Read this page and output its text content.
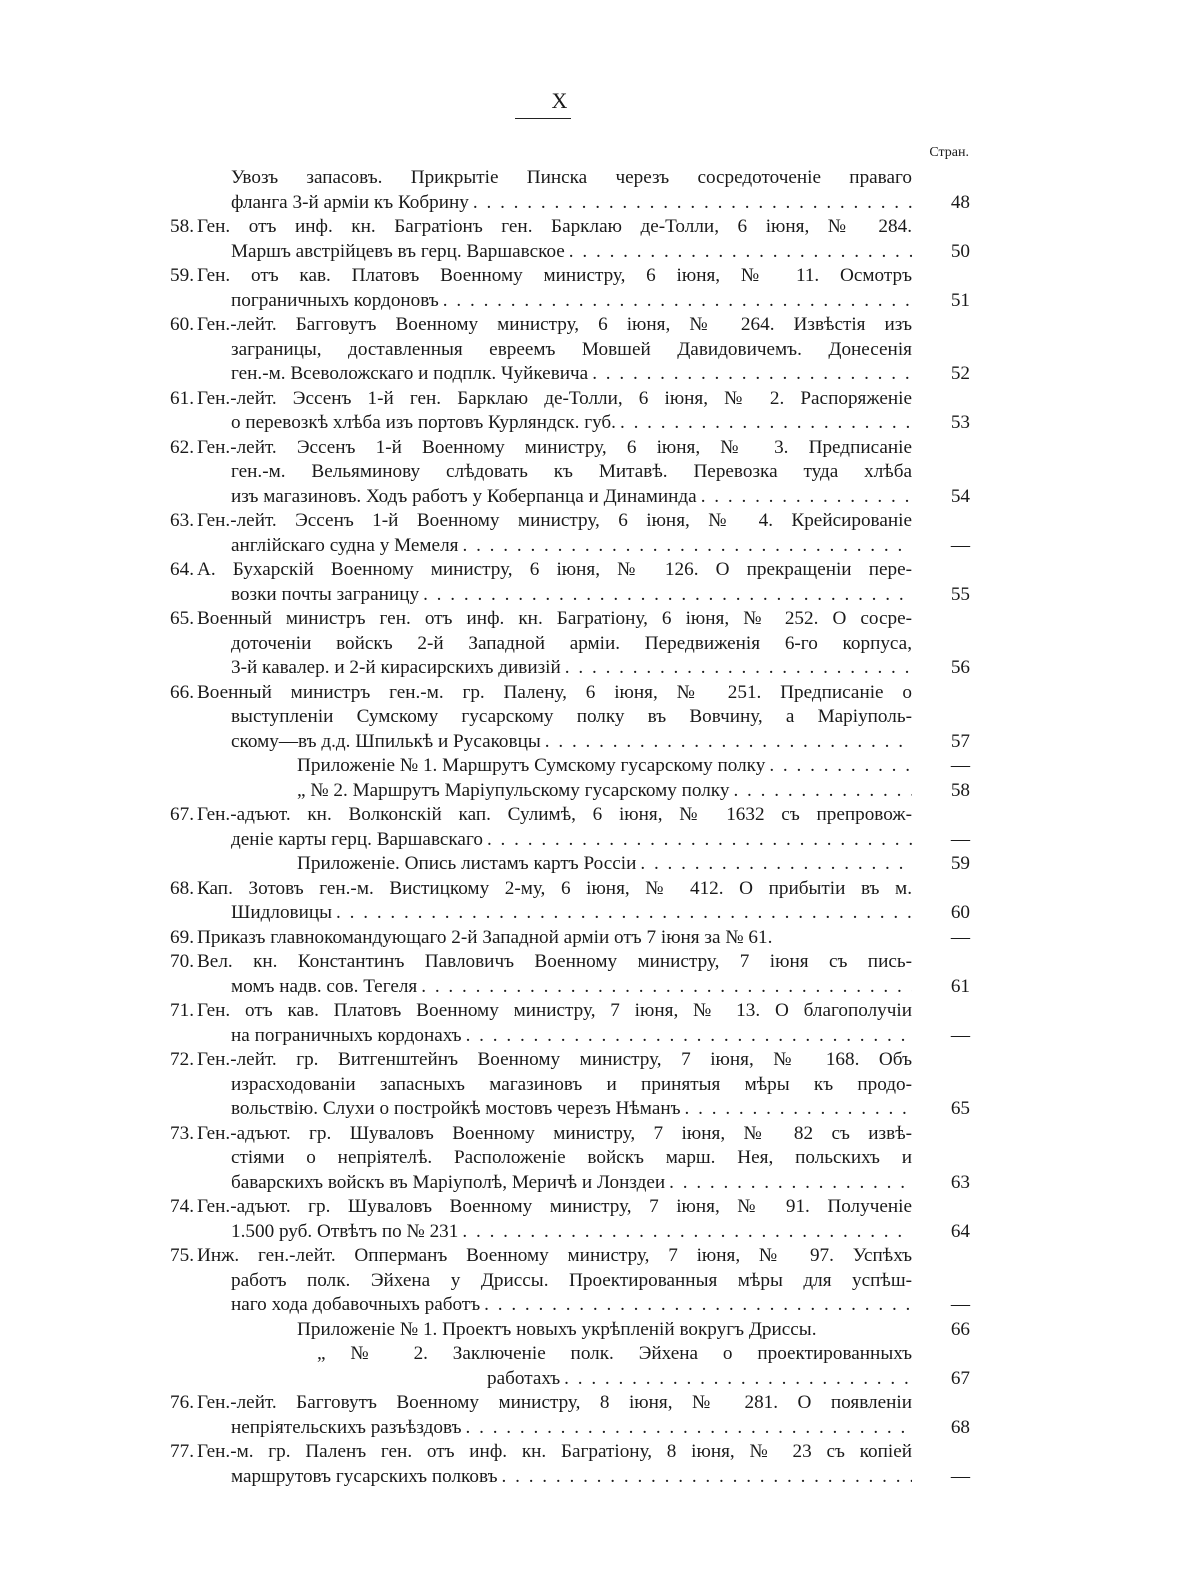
X
Стран.
Увозъ запасовъ. Прикрытіе Пинска черезъ сосредоточеніе праваго
фланга 3-й арміи къ Кобрину . . .	48
58. Ген. отъ инф. кн. Багратіонъ ген. Барклаю де-Толли, 6 іюня, № 284.
Маршъ австрійцевъ въ герц. Варшавское . . .	50
59. Ген. отъ кав. Платовъ Военному министру, 6 іюня, № 11. Осмотръ
пограничныхъ кордоновъ . . .	51
60. Ген.-лейт. Багговутъ Военному министру, 6 іюня, № 264. Извѣстія изъ
заграницы, доставленныя евреемъ Мовшей Давидовичемъ. Донесенія
ген.-м. Всеволожскаго и подплк. Чуйкевича . . .	52
61. Ген.-лейт. Эссенъ 1-й ген. Барклаю де-Толли, 6 іюня, № 2. Распоряженіе
о перевозкѣ хлѣба изъ портовъ Курляндск. губ. . . .	53
62. Ген.-лейт. Эссенъ 1-й Военному министру, 6 іюня, № 3. Предписаніе
ген.-м. Вельяминову слѣдовать къ Митавѣ. Перевозка туда хлѣба
изъ магазиновъ. Ходъ работъ у Коберпанца и Динаминда . . .	54
63. Ген.-лейт. Эссенъ 1-й Военному министру, 6 іюня, № 4. Крейсированіе
англійскаго судна у Мемеля . . .	—
64. А. Бухарскій Военному министру, 6 іюня, № 126. О прекращеніи пере-
возки почты заграницу . . .	55
65. Военный министръ ген. отъ инф. кн. Багратіону, 6 іюня, № 252. О сосре-
доточеніи войскъ 2-й Западной арміи. Передвиженія 6-го корпуса,
3-й кавалер. и 2-й кирасирскихъ дивизій . . .	56
66. Военный министръ ген.-м. гр. Палену, 6 іюня, № 251. Предписаніе о
выступленіи Сумскому гусарскому полку въ Вовчину, а Маріуполь-
скому—въ д.д. Шпилькѣ и Русаковцы . . .	57
Приложеніе № 1. Маршрутъ Сумскому гусарскому полку . . .	—
„ № 2. Маршрутъ Маріупульскому гусарскому полку . . .	58
67. Ген.-адъют. кн. Волконскій кап. Сулимѣ, 6 іюня, № 1632 съ препровож-
деніе карты герц. Варшавскаго . . .	—
Приложеніе. Опись листамъ картъ Россіи . . .	59
68. Кап. Зотовъ ген.-м. Вистицкому 2-му, 6 іюня, № 412. О прибытіи въ м.
Шидловицы . . .	60
69. Приказъ главнокомандующаго 2-й Западной арміи отъ 7 іюня за № 61.	—
70. Вел. кн. Константинъ Павловичъ Военному министру, 7 іюня съ пись-
момъ надв. сов. Тегеля . . .	61
71. Ген. отъ кав. Платовъ Военному министру, 7 іюня, № 13. О благополучіи
на пограничныхъ кордонахъ . . .	—
72. Ген.-лейт. гр. Витгенштейнъ Военному министру, 7 іюня, № 168. Объ
израсходованіи запасныхъ магазиновъ и принятыя мѣры къ продо-
вольствію. Слухи о постройкѣ мостовъ черезъ Нѣманъ . . .	65
73. Ген.-адъют. гр. Шуваловъ Военному министру, 7 іюня, № 82 съ извѣ-
стіями о непріятелѣ. Расположеніе войскъ марш. Нея, польскихъ и
баварскихъ войскъ въ Маріуполѣ, Меричѣ и Лонздеи . . .	63
74. Ген.-адъют. гр. Шуваловъ Военному министру, 7 іюня, № 91. Полученіе
1.500 руб. Отвѣтъ по № 231 . . .	64
75. Инж. ген.-лейт. Опперманъ Военному министру, 7 іюня, № 97. Успѣхъ
работъ полк. Эйхена у Дриссы. Проектированныя мѣры для успѣш-
наго хода добавочныхъ работъ . . .	—
Приложеніе № 1. Проектъ новыхъ укрѣпленій вокругъ Дриссы.	66
„ № 2. Заключеніе полк. Эйхена о проектированныхъ
работахъ . . .	67
76. Ген.-лейт. Багговутъ Военному министру, 8 іюня, № 281. О появленіи
непріятельскихъ разъѣздовъ . . .	68
77. Ген.-м. гр. Паленъ ген. отъ инф. кн. Багратіону, 8 іюня, № 23 съ копіей
маршрутовъ гусарскихъ полковъ . . .	—
